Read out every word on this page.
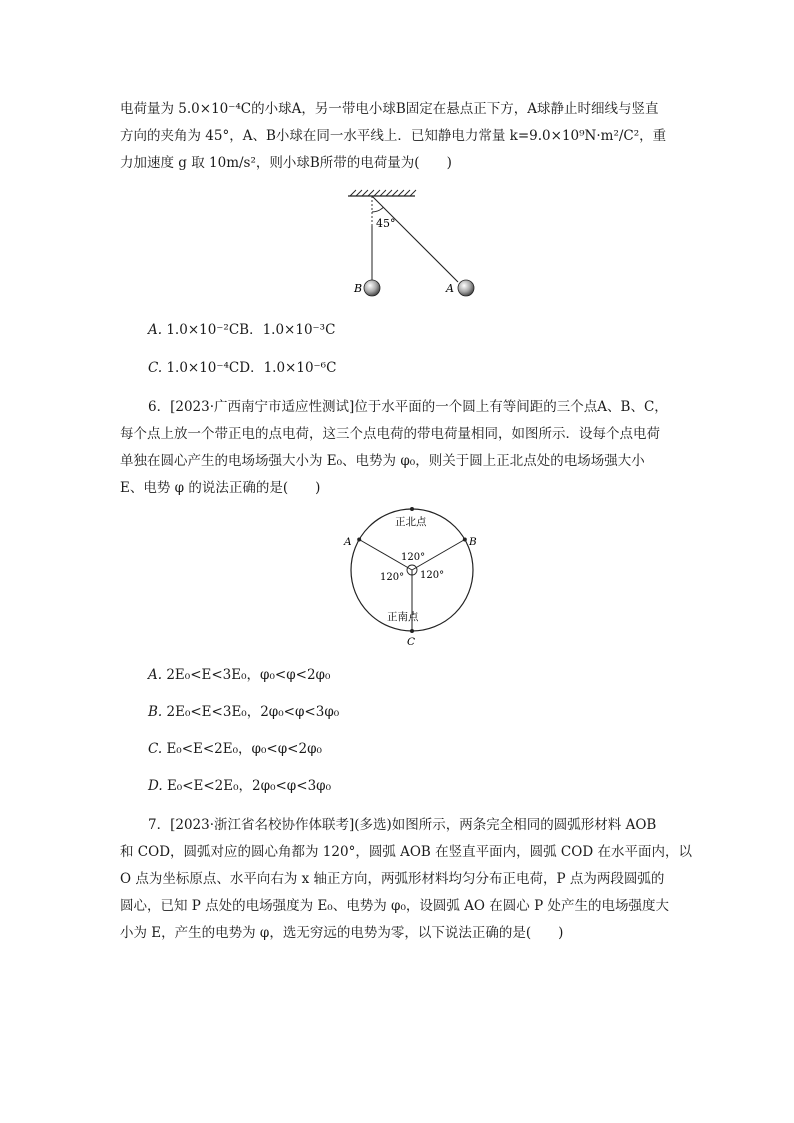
电荷量为 5.0×10⁻⁴C的小球A，另一带电小球B固定在悬点正下方，A球静止时细线与竖直
方向的夹角为 45°，A、B小球在同一水平线上．已知静电力常量 k=9.0×10⁹N·m²/C²，重
力加速度 g 取 10m/s²，则小球B所带的电荷量为(　　)
45°
B	A

A. 1.0×10⁻²CB．1.0×10⁻³C

C. 1.0×10⁻⁴CD．1.0×10⁻⁶C

6．[2023·广西南宁市适应性测试]位于水平面的一个圆上有等间距的三个点A、B、C，
每个点上放一个带正电的点电荷，这三个点电荷的带电荷量相同，如图所示．设每个点电荷
单独在圆心产生的电场场强大小为 E₀、电势为 φ₀，则关于圆上正北点处的电场场强大小
E、电势 φ 的说法正确的是(　　)
正北点
正南点
A	B
C
120°
120° 120°

A. 2E₀<E<3E₀，φ₀<φ<2φ₀

B. 2E₀<E<3E₀，2φ₀<φ<3φ₀

C. E₀<E<2E₀，φ₀<φ<2φ₀

D. E₀<E<2E₀，2φ₀<φ<3φ₀

7．[2023·浙江省名校协作体联考](多选)如图所示，两条完全相同的圆弧形材料 AOB
和 COD，圆弧对应的圆心角都为 120°，圆弧 AOB 在竖直平面内，圆弧 COD 在水平面内，以
O 点为坐标原点、水平向右为 x 轴正方向，两弧形材料均匀分布正电荷，P 点为两段圆弧的
圆心，已知 P 点处的电场强度为 E₀、电势为 φ₀，设圆弧 AO 在圆心 P 处产生的电场强度大
小为 E，产生的电势为 φ，选无穷远的电势为零，以下说法正确的是(　　)
